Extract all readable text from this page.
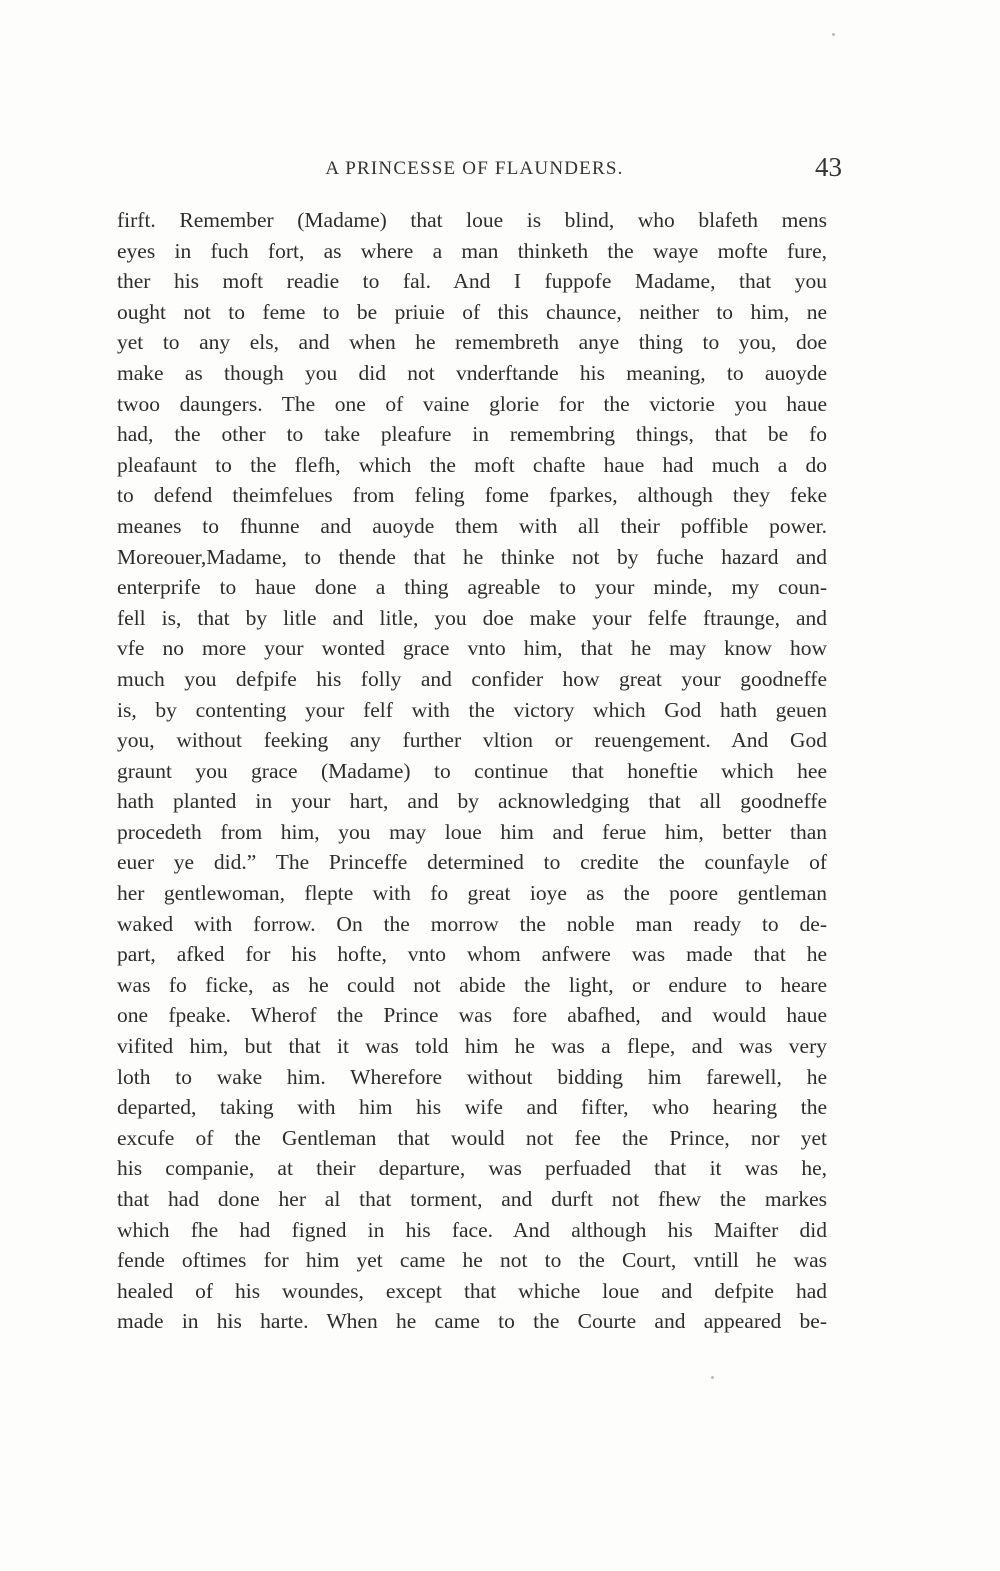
A PRINCESSE OF FLAUNDERS.	43
firft. Remember (Madame) that loue is blind, who blafeth mens
eyes in fuch fort, as where a man thinketh the waye mofte fure,
ther his moft readie to fal. And I fuppofe Madame, that you
ought not to feme to be priuie of this chaunce, neither to him, ne
yet to any els, and when he remembreth anye thing to you, doe
make as though you did not vnderftande his meaning, to auoyde
twoo daungers. The one of vaine glorie for the victorie you haue
had, the other to take pleafure in remembring things, that be fo
pleafaunt to the flefh, which the moft chafte haue had much a do
to defend theimfelues from feling fome fparkes, although they feke
meanes to fhunne and auoyde them with all their poffible power.
Moreouer,Madame, to thende that he thinke not by fuche hazard and
enterprife to haue done a thing agreable to your minde, my coun-
fell is, that by litle and litle, you doe make your felfe ftraunge, and
vfe no more your wonted grace vnto him, that he may know how
much you defpife his folly and confider how great your goodneffe
is, by contenting your felf with the victory which God hath geuen
you, without feeking any further vltion or reuengement. And God
graunt you grace (Madame) to continue that honeftie which hee
hath planted in your hart, and by acknowledging that all goodneffe
procedeth from him, you may loue him and ferue him, better than
euer ye did.” The Princeffe determined to credite the counfayle of
her gentlewoman, flepte with fo great ioye as the poore gentleman
waked with forrow. On the morrow the noble man ready to de-
part, afked for his hofte, vnto whom anfwere was made that he
was fo ficke, as he could not abide the light, or endure to heare
one fpeake. Wherof the Prince was fore abafhed, and would haue
vifited him, but that it was told him he was a flepe, and was very
loth to wake him. Wherefore without bidding him farewell, he
departed, taking with him his wife and fifter, who hearing the
excufe of the Gentleman that would not fee the Prince, nor yet
his companie, at their departure, was perfuaded that it was he,
that had done her al that torment, and durft not fhew the markes
which fhe had figned in his face. And although his Maifter did
fende oftimes for him yet came he not to the Court, vntill he was
healed of his woundes, except that whiche loue and defpite had
made in his harte. When he came to the Courte and appeared be-
